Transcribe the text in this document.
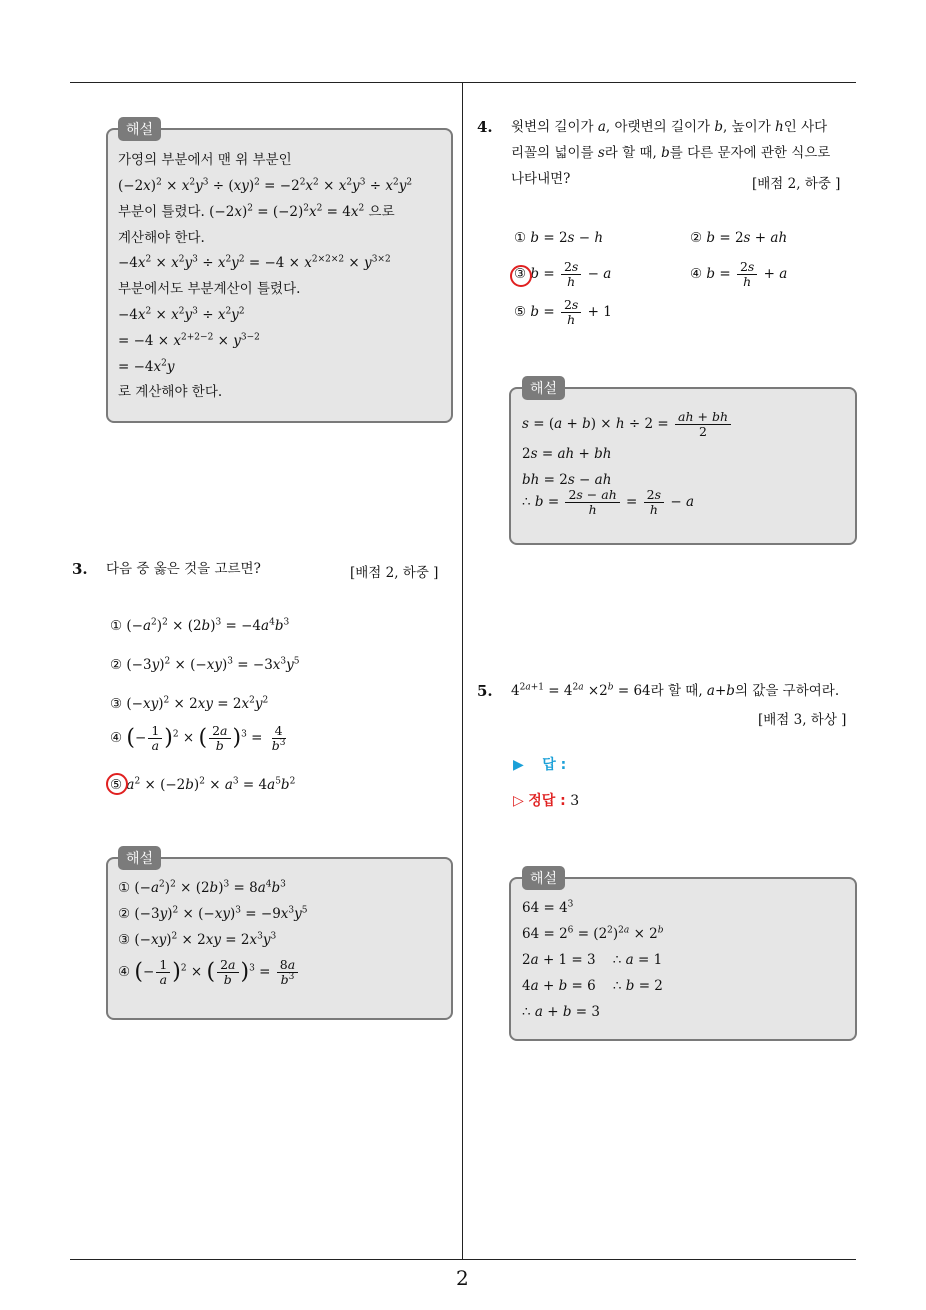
2
해설
가영의 부분에서 맨 위 부분인
$(-2x)^2 \times x^2y^3 \div (xy)^2 = -2^2x^2 \times x^2y^3 \div x^2y^2$
부분이 틀렸다. $(-2x)^2 = (-2)^2x^2 = 4x^2$ 으로
계산해야 한다.
$-4x^2 \times x^2y^3 \div x^2y^2 = -4 \times x^{2\times 2\times 2} \times y^{3\times 2}$
부분에서도 부분계산이 틀렸다.
$-4x^2 \times x^2y^3 \div x^2y^2$
= $-4 \times x^{2+2-2} \times y^{3-2}$
= $-4x^2y$
로 계산해야 한다.
3. 다음 중 옳은 것을 고르면?	[배점 2, 하중 ]
① $(-a^2)^2 \times (2b)^3 = -4a^4b^3$
② $(-3y)^2 \times (-xy)^3 = -3x^3y^5$
③ $(-xy)^2 \times 2xy = 2x^2y^2$
④ (− $\frac{1}{a} )^2$ × ( $\frac{2a}{b} )^3 = \frac{4}{b^3}$
⑤ $a^2 \times (-2b)^2 \times a^3 = 4a^5b^2$
해설
① $(-a^2)^2 \times (2b)^3 = 8a^4b^3$
② $(-3y)^2 \times (-xy)^3 = -9x^3y^5$
③ $(-xy)^2 \times 2xy = 2x^3y^3$
④ (− $\frac{1}{a} )^2$ × ( $\frac{2a}{b} )^3 = \frac{8a}{b^3}$
4. 윗변의 길이가 a, 아랫변의 길이가 b, 높이가 h인 사다
리꼴의 넓이를 s라 할 때, b를 다른 문자에 관한 식으로
나타내면?	[배점 2, 하중 ]
① b = 2s − h	② b = 2s + ah
③ $b = \frac{2s}{h} - a$	④ $b = \frac{2s}{h} + a$
⑤ $b = \frac{2s}{h} + 1$
해설
$s = (a + b) \times h \div 2 = \frac{ah + bh}{2}$
2s = ah + bh
bh = 2s − ah
∴ $b = \frac{2s - ah}{h} = \frac{2s}{h} - a$
5. $4^{2a+1} = 4^{2a} \times 2^b = 64$라 할 때, a+b의 값을 구하여라.
[배점 3, 하상 ]
▶ 답 :
▷ 정답 : 3
해설
$64 = 4^3$
$64 = 2^6 = (2^2)^{2a} \times 2^b$
2a + 1 = 3    ∴ a = 1
4a + b = 6    ∴ b = 2
∴ a + b = 3
